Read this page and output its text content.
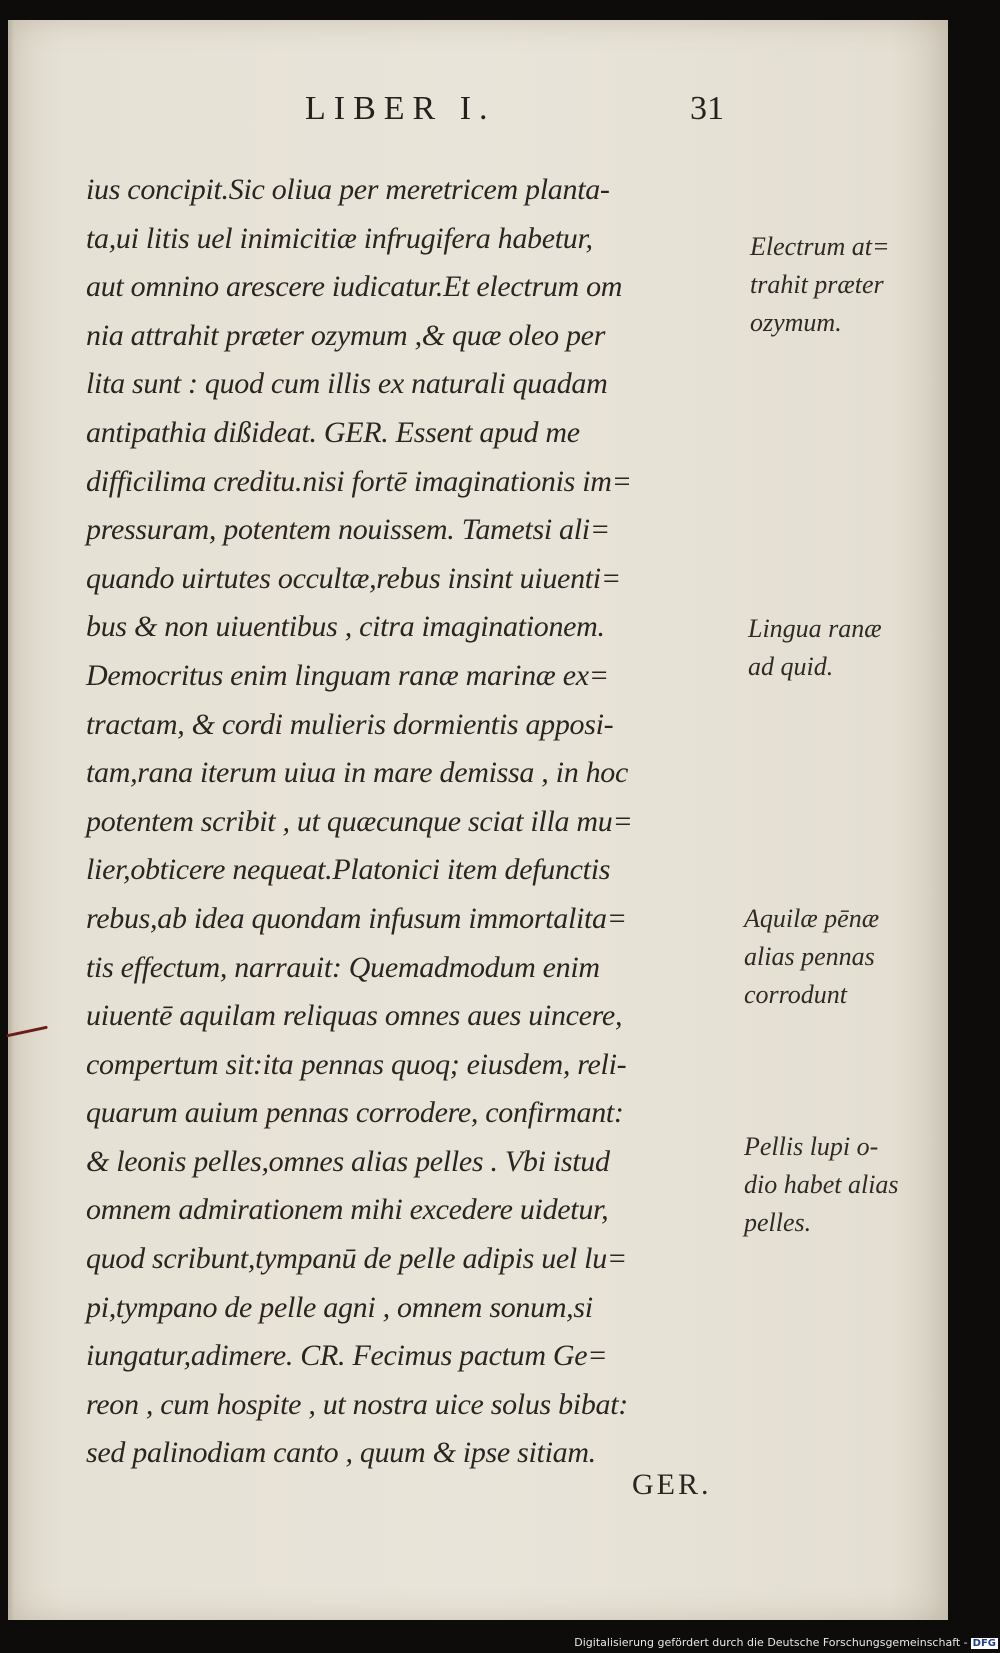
LIBER I.	31
ius concipit.Sic oliua per meretricem planta-
ta,ui litis uel inimicitiæ infrugifera habetur,
aut omnino arescere iudicatur.Et electrum om
nia attrahit præter ozymum ,& quæ oleo per
lita sunt : quod cum illis ex naturali quadam
antipathia dißideat. GER. Essent apud me
difficilima creditu.nisi fortē imaginationis im=
pressuram, potentem nouissem. Tametsi ali=
quando uirtutes occultæ,rebus insint uiuenti=
bus & non uiuentibus , citra imaginationem.
Democritus enim linguam ranæ marinæ ex=
tractam, & cordi mulieris dormientis apposi-
tam,rana iterum uiua in mare demissa , in hoc
potentem scribit , ut quæcunque sciat illa mu=
lier,obticere nequeat.Platonici item defunctis
rebus,ab idea quondam infusum immortalita=
tis effectum, narrauit: Quemadmodum enim
uiuentē aquilam reliquas omnes aues uincere,
compertum sit:ita pennas quoq; eiusdem, reli-
quarum auium pennas corrodere, confirmant:
& leonis pelles,omnes alias pelles . Vbi istud
omnem admirationem mihi excedere uidetur,
quod scribunt,tympanū de pelle adipis uel lu=
pi,tympano de pelle agni , omnem sonum,si
iungatur,adimere. CR. Fecimus pactum Ge=
reon , cum hospite , ut nostra uice solus bibat:
sed palinodiam canto , quum & ipse sitiam.
GER.
Electrum at=
trahit præter
ozymum.
Lingua ranæ
ad quid.
Aquilæ pēnæ
alias pennas
corrodunt
Pellis lupi o-
dio habet alias
pelles.
Digitalisierung gefördert durch die Deutsche Forschungsgemeinschaft - DFG
